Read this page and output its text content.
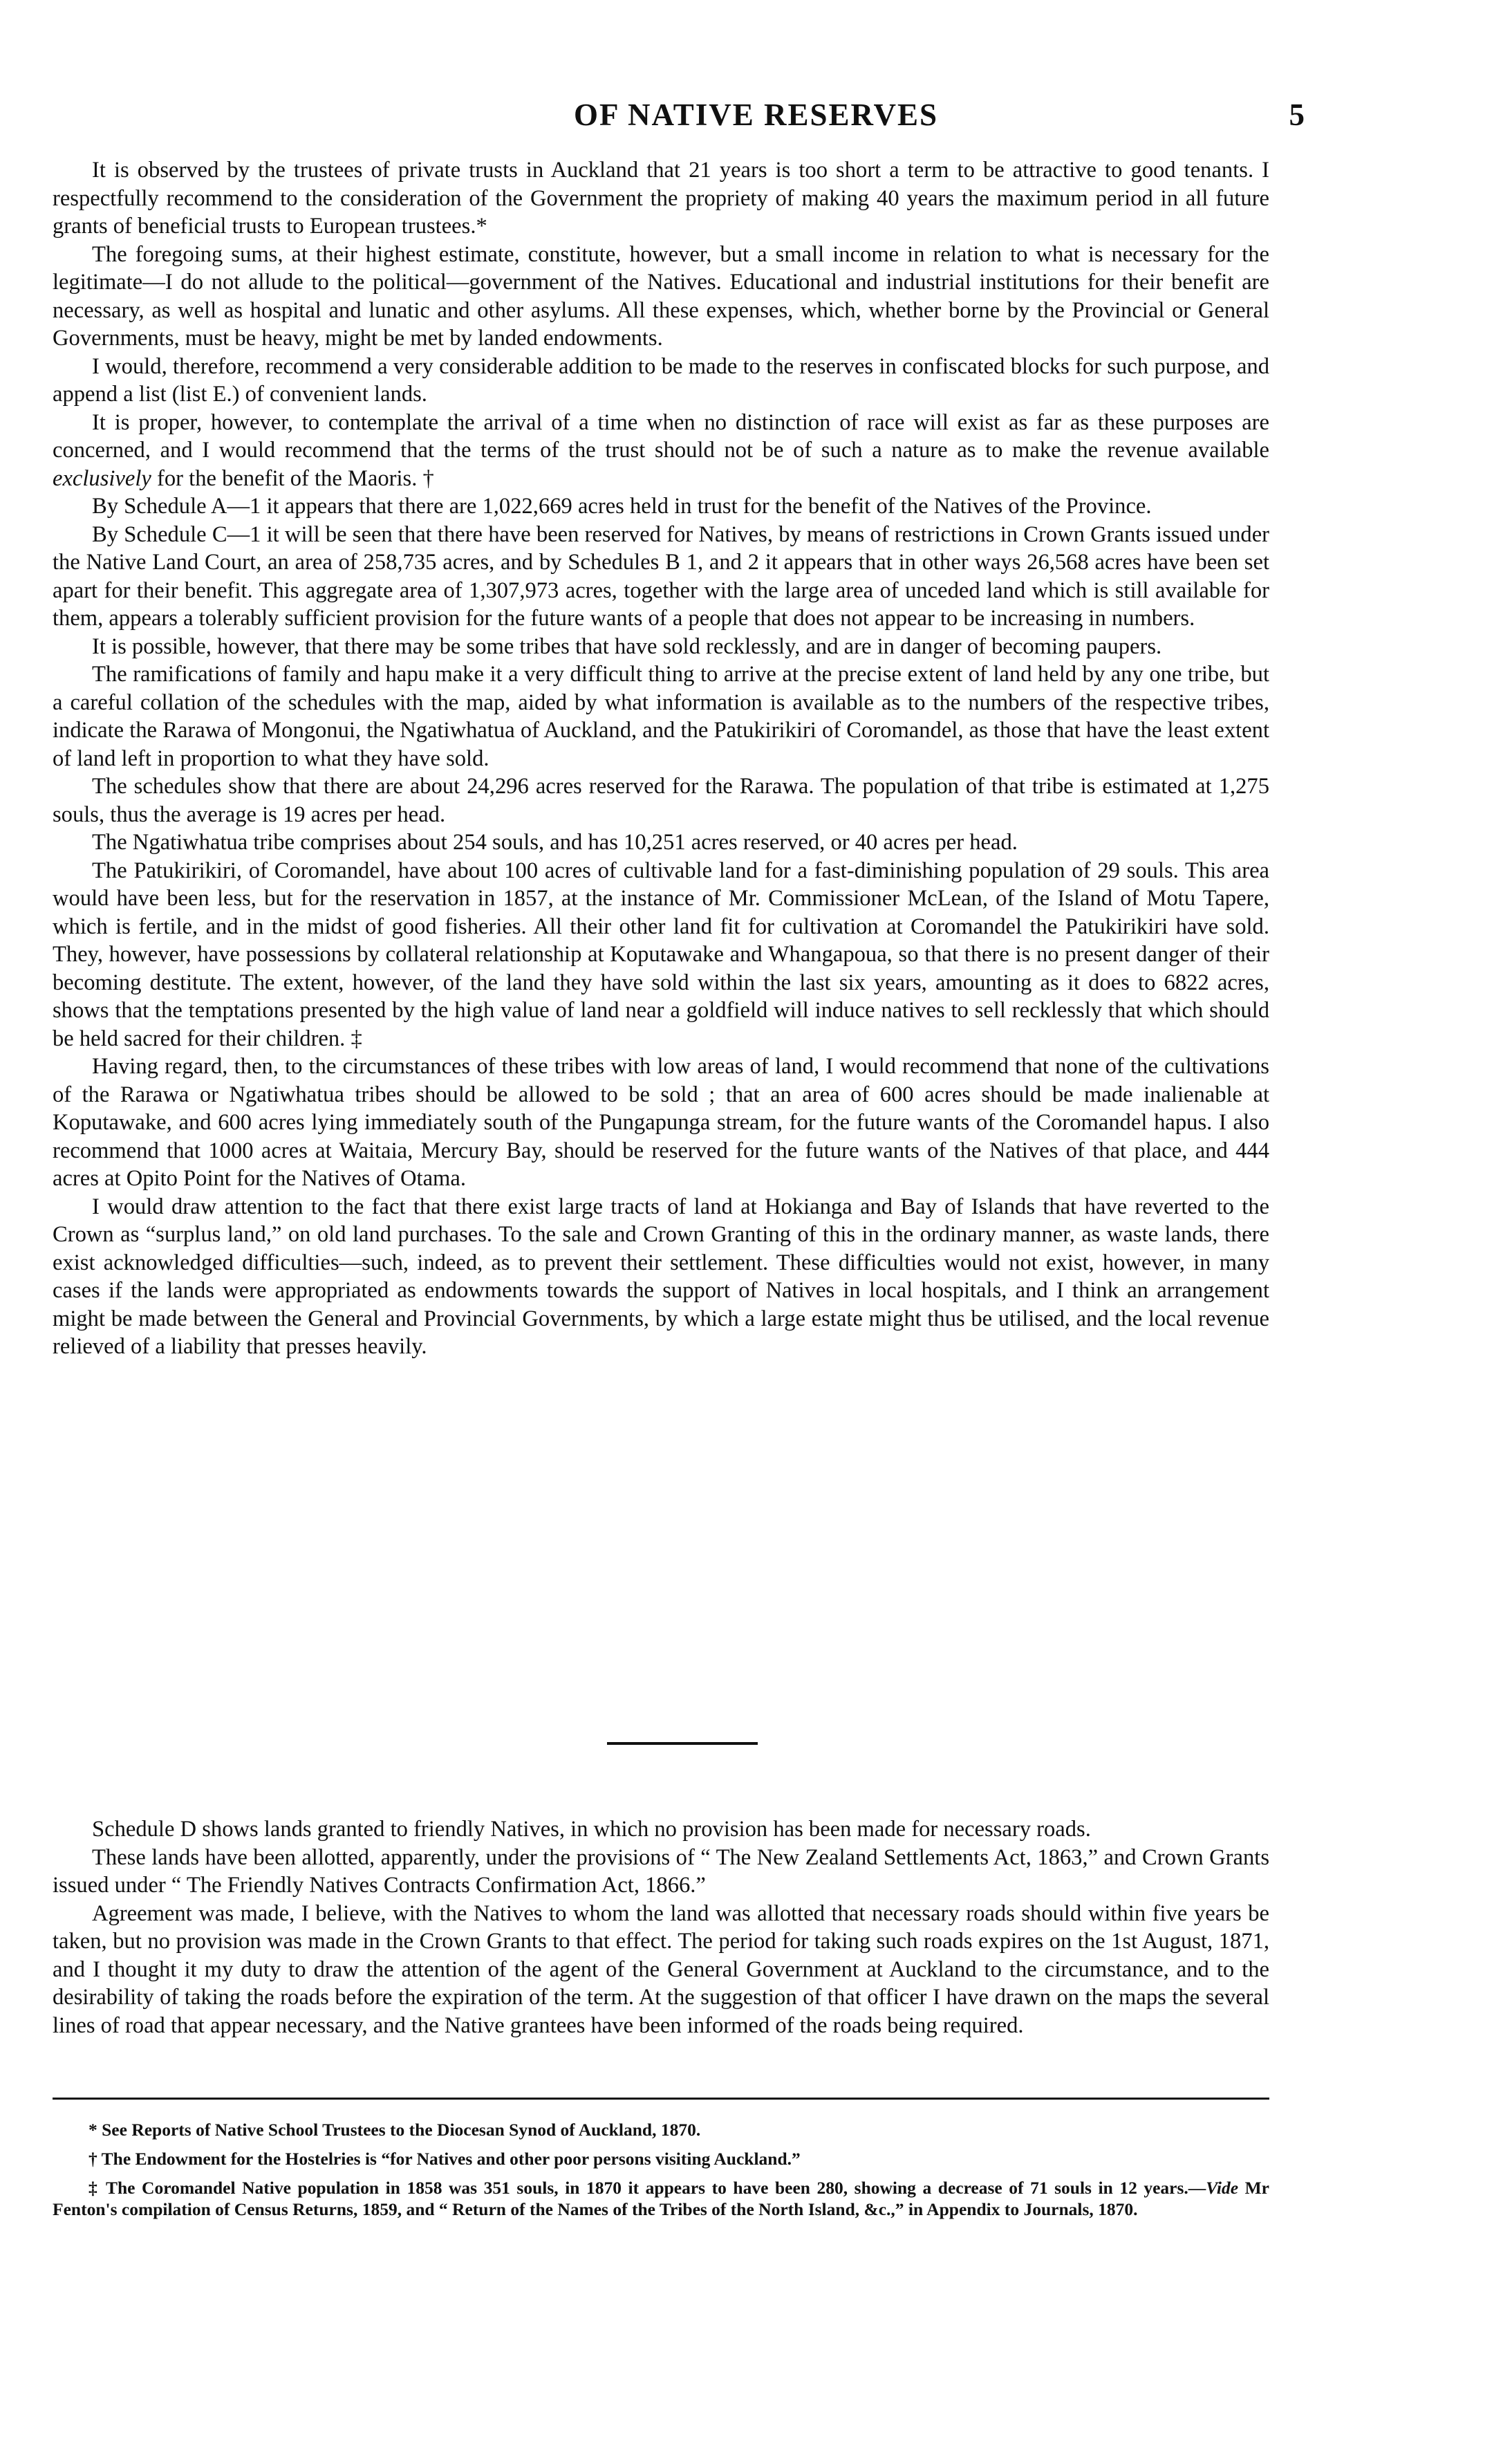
OF NATIVE RESERVES	5

It is observed by the trustees of private trusts in Auckland that 21 years is too short a term to be attractive to good tenants. I respectfully recommend to the consideration of the Government the propriety of making 40 years the maximum period in all future grants of beneficial trusts to European trustees.*

The foregoing sums, at their highest estimate, constitute, however, but a small income in relation to what is necessary for the legitimate—I do not allude to the political—government of the Natives. Educational and industrial institutions for their benefit are necessary, as well as hospital and lunatic and other asylums. All these expenses, which, whether borne by the Provincial or General Governments, must be heavy, might be met by landed endowments.

I would, therefore, recommend a very considerable addition to be made to the reserves in confiscated blocks for such purpose, and append a list (list E.) of convenient lands.

It is proper, however, to contemplate the arrival of a time when no distinction of race will exist as far as these purposes are concerned, and I would recommend that the terms of the trust should not be of such a nature as to make the revenue available exclusively for the benefit of the Maoris. †

By Schedule A—1 it appears that there are 1,022,669 acres held in trust for the benefit of the Natives of the Province.

By Schedule C—1 it will be seen that there have been reserved for Natives, by means of restrictions in Crown Grants issued under the Native Land Court, an area of 258,735 acres, and by Schedules B 1, and 2 it appears that in other ways 26,568 acres have been set apart for their benefit. This aggregate area of 1,307,973 acres, together with the large area of unceded land which is still available for them, appears a tolerably sufficient provision for the future wants of a people that does not appear to be increasing in numbers.

It is possible, however, that there may be some tribes that have sold recklessly, and are in danger of becoming paupers.

The ramifications of family and hapu make it a very difficult thing to arrive at the precise extent of land held by any one tribe, but a careful collation of the schedules with the map, aided by what information is available as to the numbers of the respective tribes, indicate the Rarawa of Mongonui, the Ngatiwhatua of Auckland, and the Patukirikiri of Coromandel, as those that have the least extent of land left in proportion to what they have sold.

The schedules show that there are about 24,296 acres reserved for the Rarawa. The population of that tribe is estimated at 1,275 souls, thus the average is 19 acres per head.

The Ngatiwhatua tribe comprises about 254 souls, and has 10,251 acres reserved, or 40 acres per head.

The Patukirikiri, of Coromandel, have about 100 acres of cultivable land for a fast-diminishing population of 29 souls. This area would have been less, but for the reservation in 1857, at the instance of Mr. Commissioner McLean, of the Island of Motu Tapere, which is fertile, and in the midst of good fisheries. All their other land fit for cultivation at Coromandel the Patukirikiri have sold. They, however, have possessions by collateral relationship at Koputawake and Whangapoua, so that there is no present danger of their becoming destitute. The extent, however, of the land they have sold within the last six years, amounting as it does to 6822 acres, shows that the temptations presented by the high value of land near a goldfield will induce natives to sell recklessly that which should be held sacred for their children. ‡

Having regard, then, to the circumstances of these tribes with low areas of land, I would recommend that none of the cultivations of the Rarawa or Ngatiwhatua tribes should be allowed to be sold ; that an area of 600 acres should be made inalienable at Koputawake, and 600 acres lying immediately south of the Pungapunga stream, for the future wants of the Coromandel hapus. I also recommend that 1000 acres at Waitaia, Mercury Bay, should be reserved for the future wants of the Natives of that place, and 444 acres at Opito Point for the Natives of Otama.

I would draw attention to the fact that there exist large tracts of land at Hokianga and Bay of Islands that have reverted to the Crown as “surplus land,” on old land purchases. To the sale and Crown Granting of this in the ordinary manner, as waste lands, there exist acknowledged difficulties—such, indeed, as to prevent their settlement. These difficulties would not exist, however, in many cases if the lands were appropriated as endowments towards the support of Natives in local hospitals, and I think an arrangement might be made between the General and Provincial Governments, by which a large estate might thus be utilised, and the local revenue relieved of a liability that presses heavily.

Schedule D shows lands granted to friendly Natives, in which no provision has been made for necessary roads.

These lands have been allotted, apparently, under the provisions of “ The New Zealand Settlements Act, 1863,” and Crown Grants issued under “ The Friendly Natives Contracts Confirmation Act, 1866.”

Agreement was made, I believe, with the Natives to whom the land was allotted that necessary roads should within five years be taken, but no provision was made in the Crown Grants to that effect. The period for taking such roads expires on the 1st August, 1871, and I thought it my duty to draw the attention of the agent of the General Government at Auckland to the circumstance, and to the desirability of taking the roads before the expiration of the term. At the suggestion of that officer I have drawn on the maps the several lines of road that appear necessary, and the Native grantees have been informed of the roads being required.

* See Reports of Native School Trustees to the Diocesan Synod of Auckland, 1870.

† The Endowment for the Hostelries is “for Natives and other poor persons visiting Auckland.”

‡ The Coromandel Native population in 1858 was 351 souls, in 1870 it appears to have been 280, showing a decrease of 71 souls in 12 years.—Vide Mr Fenton's compilation of Census Returns, 1859, and “ Return of the Names of the Tribes of the North Island, &c.,” in Appendix to Journals, 1870.
